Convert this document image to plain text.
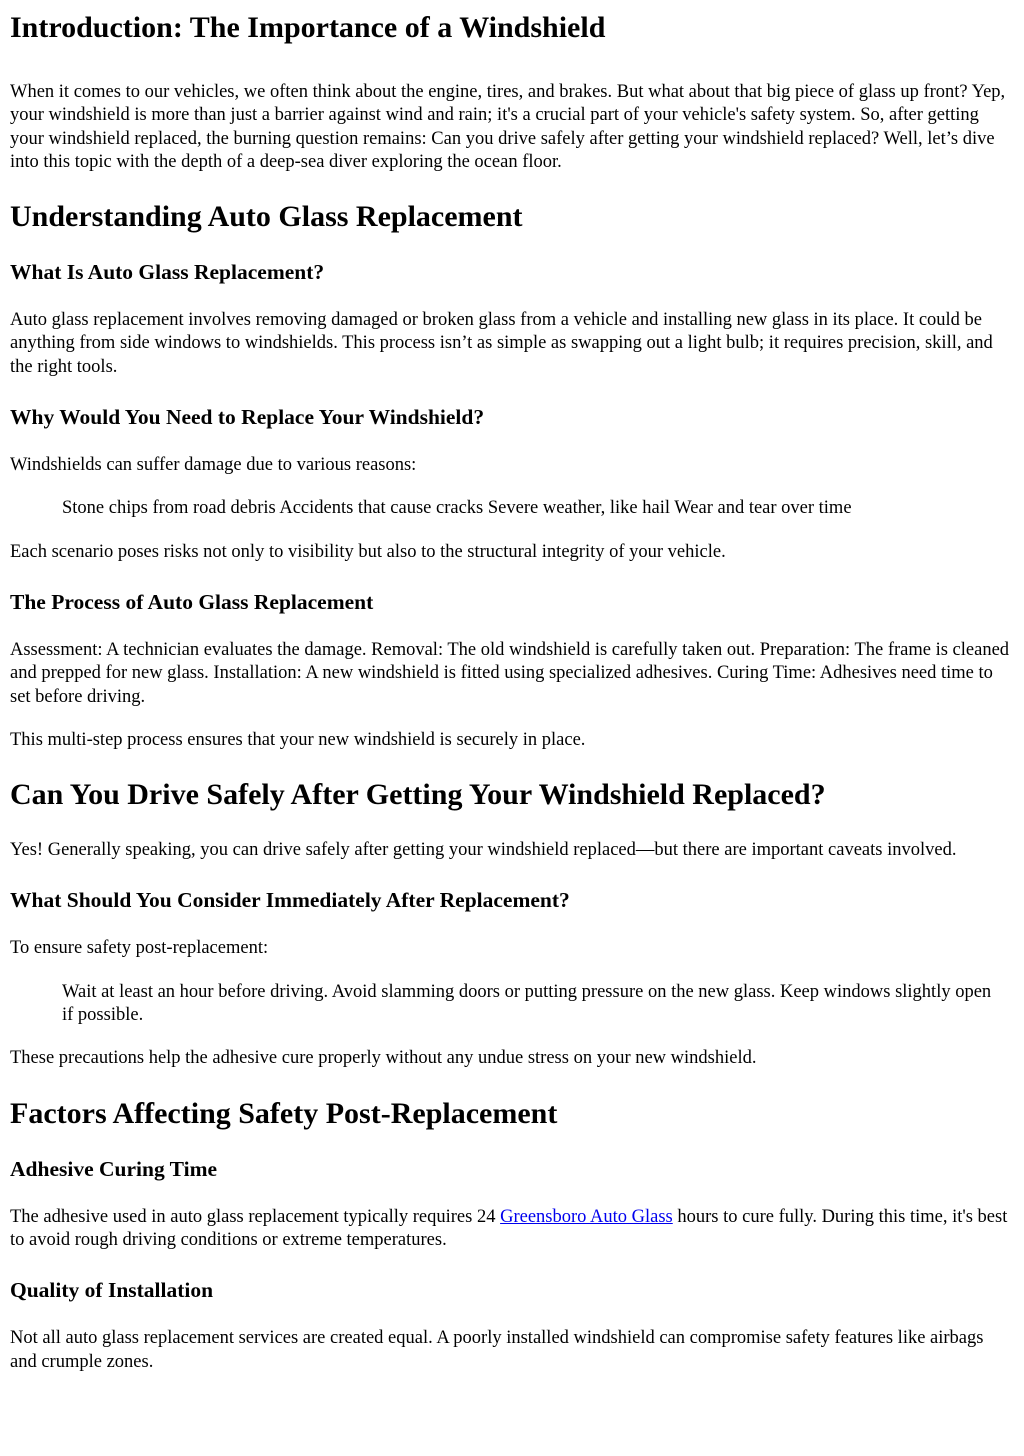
Introduction: The Importance of a Windshield

When it comes to our vehicles, we often think about the engine, tires, and brakes. But what about that big piece of glass up front? Yep, your windshield is more than just a barrier against wind and rain; it's a crucial part of your vehicle's safety system. So, after getting your windshield replaced, the burning question remains: Can you drive safely after getting your windshield replaced? Well, let’s dive into this topic with the depth of a deep-sea diver exploring the ocean floor.

Understanding Auto Glass Replacement
What Is Auto Glass Replacement?

Auto glass replacement involves removing damaged or broken glass from a vehicle and installing new glass in its place. It could be anything from side windows to windshields. This process isn’t as simple as swapping out a light bulb; it requires precision, skill, and the right tools.

Why Would You Need to Replace Your Windshield?

Windshields can suffer damage due to various reasons:

Stone chips from road debris Accidents that cause cracks Severe weather, like hail Wear and tear over time

Each scenario poses risks not only to visibility but also to the structural integrity of your vehicle.

The Process of Auto Glass Replacement

Assessment: A technician evaluates the damage. Removal: The old windshield is carefully taken out. Preparation: The frame is cleaned and prepped for new glass. Installation: A new windshield is fitted using specialized adhesives. Curing Time: Adhesives need time to set before driving.

This multi-step process ensures that your new windshield is securely in place.

Can You Drive Safely After Getting Your Windshield Replaced?

Yes! Generally speaking, you can drive safely after getting your windshield replaced—but there are important caveats involved.

What Should You Consider Immediately After Replacement?

To ensure safety post-replacement:

Wait at least an hour before driving. Avoid slamming doors or putting pressure on the new glass. Keep windows slightly open if possible.

These precautions help the adhesive cure properly without any undue stress on your new windshield.

Factors Affecting Safety Post-Replacement
Adhesive Curing Time

The adhesive used in auto glass replacement typically requires 24 Greensboro Auto Glass hours to cure fully. During this time, it's best to avoid rough driving conditions or extreme temperatures.

Quality of Installation

Not all auto glass replacement services are created equal. A poorly installed windshield can compromise safety features like airbags and crumple zones.
